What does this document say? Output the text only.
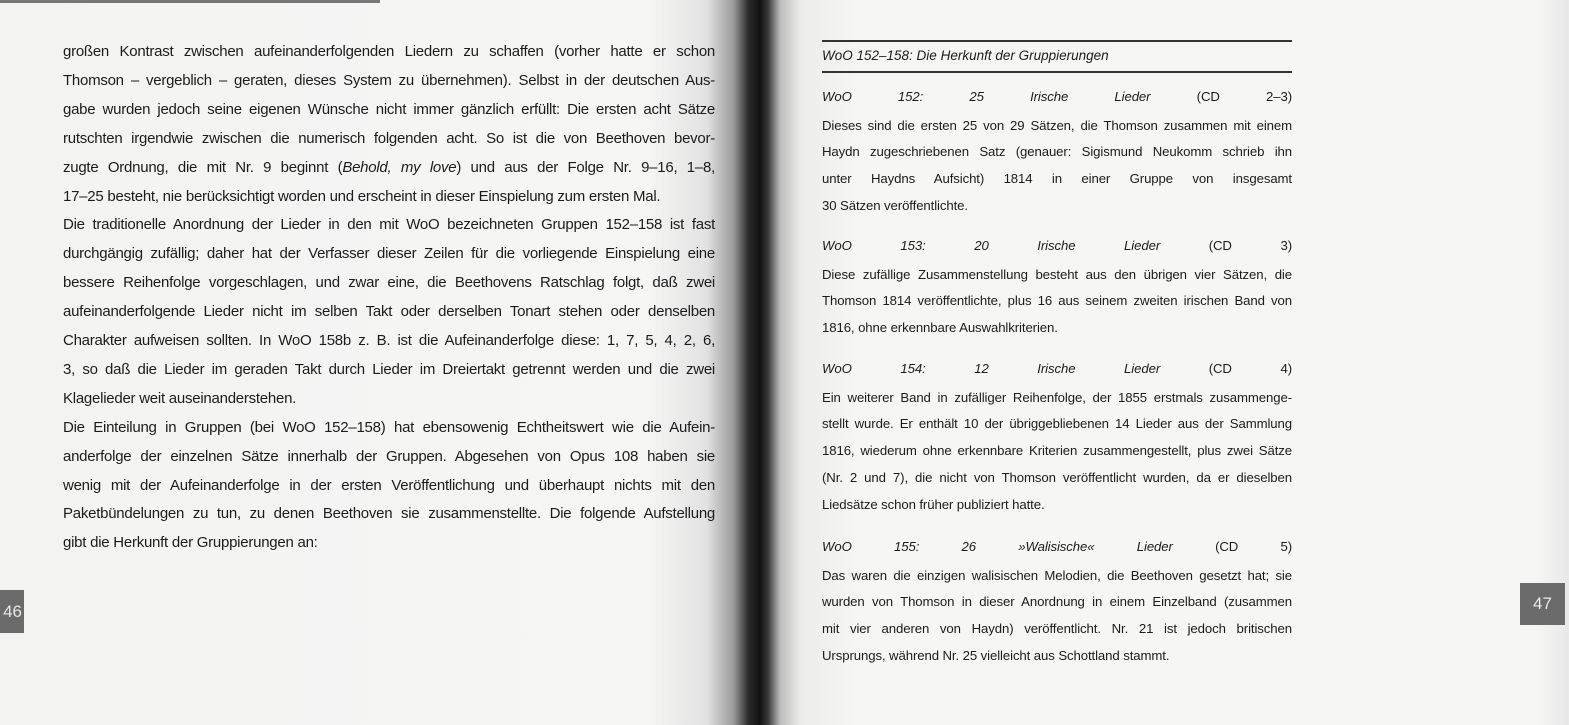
großen Kontrast zwischen aufeinanderfolgenden Liedern zu schaffen (vorher hatte er schon
Thomson – vergeblich – geraten, dieses System zu übernehmen). Selbst in der deutschen Aus-
gabe wurden jedoch seine eigenen Wünsche nicht immer gänzlich erfüllt: Die ersten acht Sätze
rutschten irgendwie zwischen die numerisch folgenden acht. So ist die von Beethoven bevor-
zugte Ordnung, die mit Nr. 9 beginnt (Behold, my love) und aus der Folge Nr. 9–16, 1–8,
17–25 besteht, nie berücksichtigt worden und erscheint in dieser Einspielung zum ersten Mal.
Die traditionelle Anordnung der Lieder in den mit WoO bezeichneten Gruppen 152–158 ist fast
durchgängig zufällig; daher hat der Verfasser dieser Zeilen für die vorliegende Einspielung eine
bessere Reihenfolge vorgeschlagen, und zwar eine, die Beethovens Ratschlag folgt, daß zwei
aufeinanderfolgende Lieder nicht im selben Takt oder derselben Tonart stehen oder denselben
Charakter aufweisen sollten. In WoO 158b z. B. ist die Aufeinanderfolge diese: 1, 7, 5, 4, 2, 6,
3, so daß die Lieder im geraden Takt durch Lieder im Dreiertakt getrennt werden und die zwei
Klagelieder weit auseinanderstehen.
Die Einteilung in Gruppen (bei WoO 152–158) hat ebensowenig Echtheitswert wie die Aufein-
anderfolge der einzelnen Sätze innerhalb der Gruppen. Abgesehen von Opus 108 haben sie
wenig mit der Aufeinanderfolge in der ersten Veröffentlichung und überhaupt nichts mit den
Paketbündelungen zu tun, zu denen Beethoven sie zusammenstellte. Die folgende Aufstellung
gibt die Herkunft der Gruppierungen an:
WoO 152–158: Die Herkunft der Gruppierungen
WoO 152: 25 Irische Lieder (CD 2–3)
Dieses sind die ersten 25 von 29 Sätzen, die Thomson zusammen mit einem
Haydn zugeschriebenen Satz (genauer: Sigismund Neukomm schrieb ihn
unter Haydns Aufsicht) 1814 in einer Gruppe von insgesamt
30 Sätzen veröffentlichte.
WoO 153: 20 Irische Lieder (CD 3)
Diese zufällige Zusammenstellung besteht aus den übrigen vier Sätzen, die
Thomson 1814 veröffentlichte, plus 16 aus seinem zweiten irischen Band von
1816, ohne erkennbare Auswahlkriterien.
WoO 154: 12 Irische Lieder (CD 4)
Ein weiterer Band in zufälliger Reihenfolge, der 1855 erstmals zusammenge-
stellt wurde. Er enthält 10 der übriggebliebenen 14 Lieder aus der Sammlung
1816, wiederum ohne erkennbare Kriterien zusammengestellt, plus zwei Sätze
(Nr. 2 und 7), die nicht von Thomson veröffentlicht wurden, da er dieselben
Liedsätze schon früher publiziert hatte.
WoO 155: 26 »Walisische« Lieder (CD 5)
Das waren die einzigen walisischen Melodien, die Beethoven gesetzt hat; sie
wurden von Thomson in dieser Anordnung in einem Einzelband (zusammen
mit vier anderen von Haydn) veröffentlicht. Nr. 21 ist jedoch britischen
Ursprungs, während Nr. 25 vielleicht aus Schottland stammt.
46	47
